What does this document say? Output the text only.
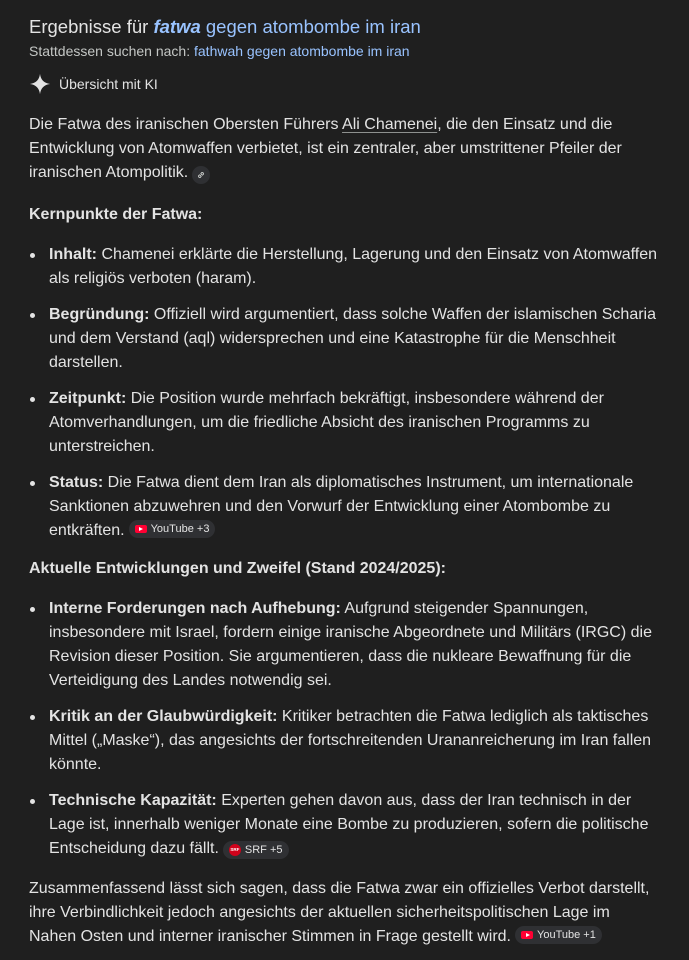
Ergebnisse für fatwa gegen atombombe im iran
Stattdessen suchen nach: fathwah gegen atombombe im iran
Übersicht mit KI

Die Fatwa des iranischen Obersten Führers Ali Chamenei, die den Einsatz und die Entwicklung von Atomwaffen verbietet, ist ein zentraler, aber umstrittener Pfeiler der iranischen Atompolitik.

Kernpunkte der Fatwa:

Inhalt: Chamenei erklärte die Herstellung, Lagerung und den Einsatz von Atomwaffen als religiös verboten (haram).
Begründung: Offiziell wird argumentiert, dass solche Waffen der islamischen Scharia und dem Verstand (aql) widersprechen und eine Katastrophe für die Menschheit darstellen.
Zeitpunkt: Die Position wurde mehrfach bekräftigt, insbesondere während der Atomverhandlungen, um die friedliche Absicht des iranischen Programms zu unterstreichen.
Status: Die Fatwa dient dem Iran als diplomatisches Instrument, um internationale Sanktionen abzuwehren und den Vorwurf der Entwicklung einer Atombombe zu entkräften. YouTube +3

Aktuelle Entwicklungen und Zweifel (Stand 2024/2025):

Interne Forderungen nach Aufhebung: Aufgrund steigender Spannungen, insbesondere mit Israel, fordern einige iranische Abgeordnete und Militärs (IRGC) die Revision dieser Position. Sie argumentieren, dass die nukleare Bewaffnung für die Verteidigung des Landes notwendig sei.
Kritik an der Glaubwürdigkeit: Kritiker betrachten die Fatwa lediglich als taktisches Mittel („Maske“), das angesichts der fortschreitenden Urananreicherung im Iran fallen könnte.
Technische Kapazität: Experten gehen davon aus, dass der Iran technisch in der Lage ist, innerhalb weniger Monate eine Bombe zu produzieren, sofern die politische Entscheidung dazu fällt.	SRF SRF +5

Zusammenfassend lässt sich sagen, dass die Fatwa zwar ein offizielles Verbot darstellt, ihre Verbindlichkeit jedoch angesichts der aktuellen sicherheitspolitischen Lage im Nahen Osten und interner iranischer Stimmen in Frage gestellt wird. YouTube +1
